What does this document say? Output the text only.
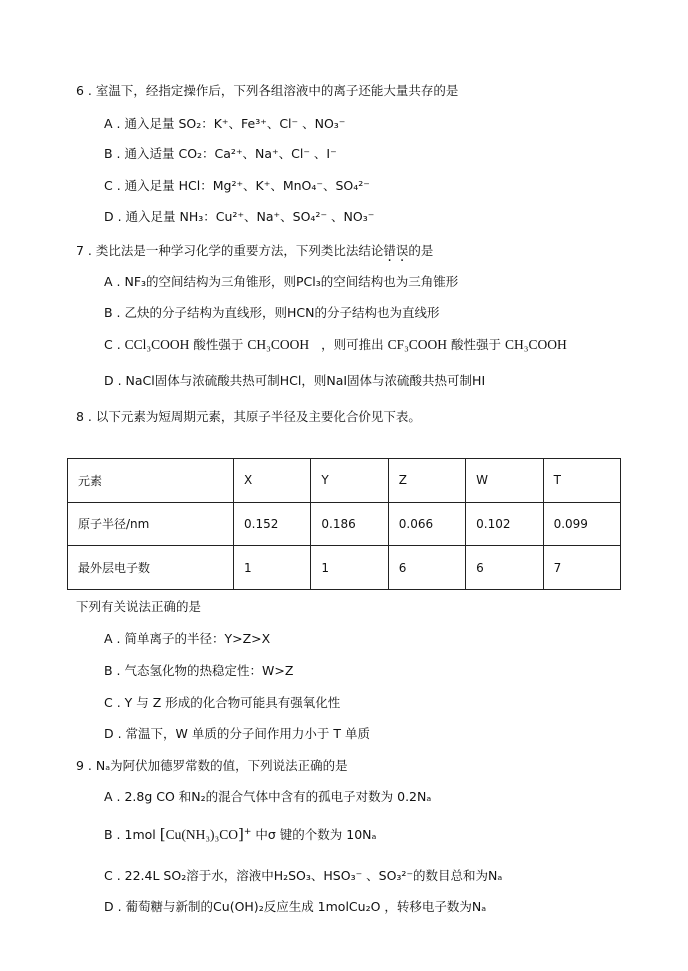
6 . 室温下，经指定操作后，下列各组溶液中的离子还能大量共存的是
A . 通入足量 SO₂：K⁺、Fe³⁺、Cl⁻ 、NO₃⁻
B . 通入适量 CO₂：Ca²⁺、Na⁺、Cl⁻ 、I⁻
C . 通入足量 HCl：Mg²⁺、K⁺、MnO₄⁻、SO₄²⁻
D . 通入足量 NH₃：Cu²⁺、Na⁺、SO₄²⁻ 、NO₃⁻
7 . 类比法是一种学习化学的重要方法，下列类比法结论错误的是
A . NF₃的空间结构为三角锥形，则PCl₃的空间结构也为三角锥形
B . 乙炔的分子结构为直线形，则HCN的分子结构也为直线形
C . CCl₃COOH 酸性强于 CH₃COOH ，则可推出 CF₃COOH 酸性强于 CH₃COOH
D . NaCl固体与浓硫酸共热可制HCl，则NaI固体与浓硫酸共热可制HI
8 . 以下元素为短周期元素，其原子半径及主要化合价见下表。
元素	X	Y	Z	W	T
原子半径/nm	0.152	0.186	0.066	0.102	0.099
最外层电子数	1	1	6	6	7
下列有关说法正确的是
A . 简单离子的半径：Y>Z>X
B . 气态氢化物的热稳定性：W>Z
C . Y 与 Z 形成的化合物可能具有强氧化性
D . 常温下，W 单质的分子间作用力小于 T 单质
9 . Nₐ为阿伏加德罗常数的值，下列说法正确的是
A . 2.8g CO 和N₂的混合气体中含有的孤电子对数为 0.2Nₐ
B . 1mol [Cu(NH₃)₃CO]+ 中σ 键的个数为 10Nₐ
C . 22.4L SO₂溶于水，溶液中H₂SO₃、HSO₃⁻ 、SO₃²⁻的数目总和为Nₐ
D . 葡萄糖与新制的Cu(OH)₂反应生成 1molCu₂O ，转移电子数为Nₐ
